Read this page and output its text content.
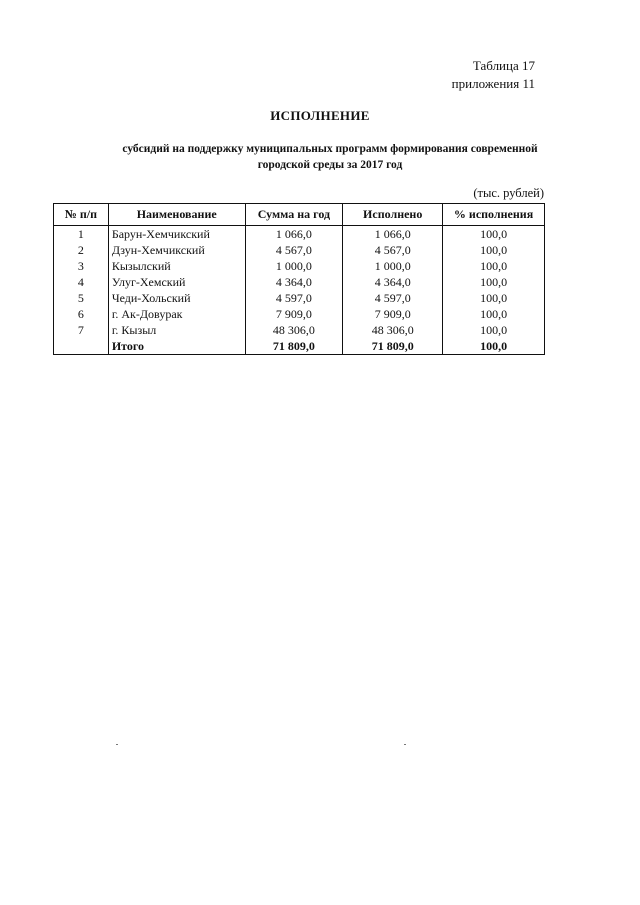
Таблица 17
приложения 11
ИСПОЛНЕНИЕ
субсидий на поддержку муниципальных программ формирования современной
городской среды за 2017 год
(тыс. рублей)
№ п/п	Наименование	Сумма на год	Исполнено	% исполнения
1	Барун-Хемчикский	1 066,0	1 066,0	100,0
2	Дзун-Хемчикский	4 567,0	4 567,0	100,0
3	Кызылский	1 000,0	1 000,0	100,0
4	Улуг-Хемский	4 364,0	4 364,0	100,0
5	Чеди-Хольский	4 597,0	4 597,0	100,0
6	г. Ак-Довурак	7 909,0	7 909,0	100,0
7	г. Кызыл	48 306,0	48 306,0	100,0
	Итого	71 809,0	71 809,0	100,0
